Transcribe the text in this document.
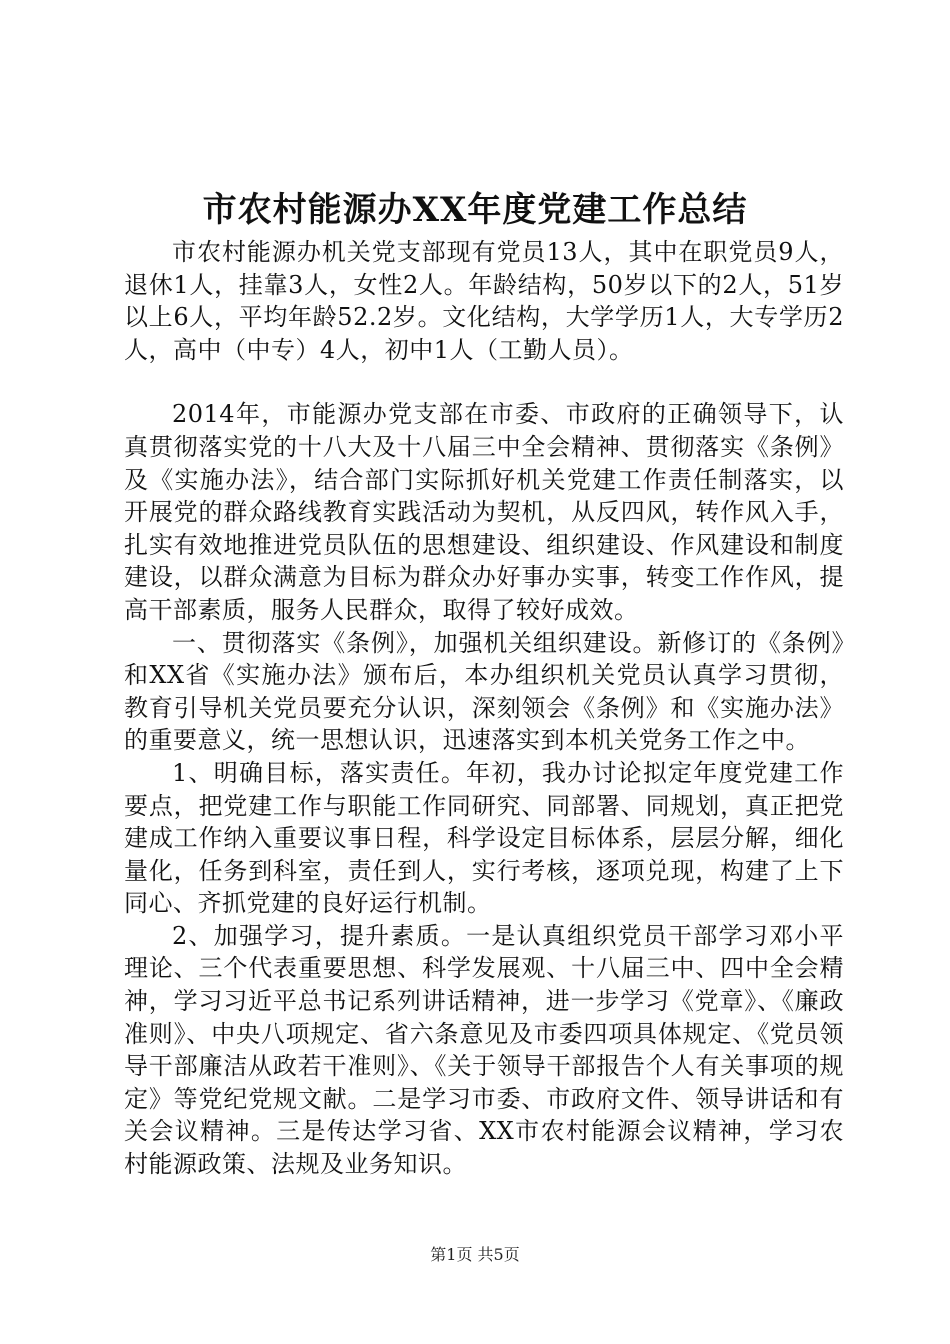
市农村能源办XX年度党建工作总结

市农村能源办机关党支部现有党员13人，其中在职党员9人，退休1人，挂靠3人，女性2人。年龄结构，50岁以下的2人，51岁以上6人，平均年龄52.2岁。文化结构，大学学历1人，大专学历2人，高中（中专）4人，初中1人（工勤人员）。

2014年，市能源办党支部在市委、市政府的正确领导下，认真贯彻落实党的十八大及十八届三中全会精神、贯彻落实《条例》及《实施办法》，结合部门实际抓好机关党建工作责任制落实，以开展党的群众路线教育实践活动为契机，从反四风，转作风入手，扎实有效地推进党员队伍的思想建设、组织建设、作风建设和制度建设，以群众满意为目标为群众办好事办实事，转变工作作风，提高干部素质，服务人民群众，取得了较好成效。

一、贯彻落实《条例》，加强机关组织建设。新修订的《条例》和XX省《实施办法》颁布后，本办组织机关党员认真学习贯彻，教育引导机关党员要充分认识，深刻领会《条例》和《实施办法》的重要意义，统一思想认识，迅速落实到本机关党务工作之中。

1、明确目标，落实责任。年初，我办讨论拟定年度党建工作要点，把党建工作与职能工作同研究、同部署、同规划，真正把党建成工作纳入重要议事日程，科学设定目标体系，层层分解，细化量化，任务到科室，责任到人，实行考核，逐项兑现，构建了上下同心、齐抓党建的良好运行机制。

2、加强学习，提升素质。一是认真组织党员干部学习邓小平理论、三个代表重要思想、科学发展观、十八届三中、四中全会精神，学习习近平总书记系列讲话精神，进一步学习《党章》、《廉政准则》、中央八项规定、省六条意见及市委四项具体规定、《党员领导干部廉洁从政若干准则》、《关于领导干部报告个人有关事项的规定》等党纪党规文献。二是学习市委、市政府文件、领导讲话和有关会议精神。三是传达学习省、XX市农村能源会议精神，学习农村能源政策、法规及业务知识。

第1页 共5页
